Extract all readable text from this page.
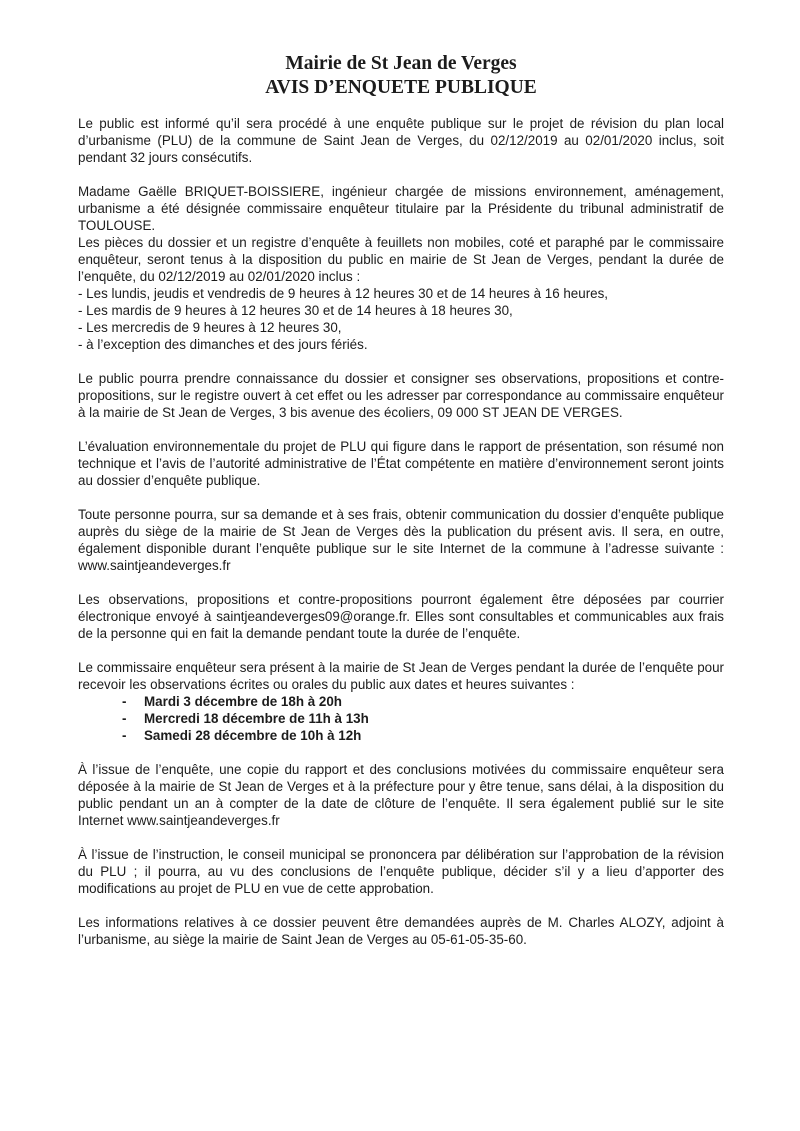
Mairie de St Jean de Verges
AVIS D’ENQUETE PUBLIQUE

Le public est informé qu’il sera procédé à une enquête publique sur le projet de révision du plan local d’urbanisme (PLU) de la commune de Saint Jean de Verges, du 02/12/2019 au 02/01/2020 inclus, soit pendant 32 jours consécutifs.

Madame Gaëlle BRIQUET-BOISSIERE, ingénieur chargée de missions environnement, aménagement, urbanisme a été désignée commissaire enquêteur titulaire par la Présidente du tribunal administratif de TOULOUSE.

Les pièces du dossier et un registre d’enquête à feuillets non mobiles, coté et paraphé par le commissaire enquêteur, seront tenus à la disposition du public en mairie de St Jean de Verges, pendant la durée de l’enquête, du 02/12/2019 au 02/01/2020 inclus :

- Les lundis, jeudis et vendredis de 9 heures à 12 heures 30 et de 14 heures à 16 heures,
- Les mardis de 9 heures à 12 heures 30 et de 14 heures à 18 heures 30,
- Les mercredis de 9 heures à 12 heures 30,
- à l’exception des dimanches et des jours fériés.

Le public pourra prendre connaissance du dossier et consigner ses observations, propositions et contre-propositions, sur le registre ouvert à cet effet ou les adresser par correspondance au commissaire enquêteur à la mairie de St Jean de Verges, 3 bis avenue des écoliers, 09 000 ST JEAN DE VERGES.

L’évaluation environnementale du projet de PLU qui figure dans le rapport de présentation, son résumé non technique et l’avis de l’autorité administrative de l’État compétente en matière d’environnement seront joints au dossier d’enquête publique.

Toute personne pourra, sur sa demande et à ses frais, obtenir communication du dossier d’enquête publique auprès du siège de la mairie de St Jean de Verges dès la publication du présent avis. Il sera, en outre, également disponible durant l’enquête publique sur le site Internet de la commune à l’adresse suivante : www.saintjeandeverges.fr

Les observations, propositions et contre-propositions pourront également être déposées par courrier électronique envoyé à saintjeandeverges09@orange.fr. Elles sont consultables et communicables aux frais de la personne qui en fait la demande pendant toute la durée de l’enquête.

Le commissaire enquêteur sera présent à la mairie de St Jean de Verges pendant la durée de l’enquête pour recevoir les observations écrites ou orales du public aux dates et heures suivantes :

-	Mardi 3 décembre de 18h à 20h
-	Mercredi 18 décembre de 11h à 13h
-	Samedi 28 décembre de 10h à 12h

À l’issue de l’enquête, une copie du rapport et des conclusions motivées du commissaire enquêteur sera déposée à la mairie de St Jean de Verges et à la préfecture pour y être tenue, sans délai, à la disposition du public pendant un an à compter de la date de clôture de l’enquête. Il sera également publié sur le site Internet www.saintjeandeverges.fr

À l’issue de l’instruction, le conseil municipal se prononcera par délibération sur l’approbation de la révision du PLU ; il pourra, au vu des conclusions de l’enquête publique, décider s’il y a lieu d’apporter des modifications au projet de PLU en vue de cette approbation.

Les informations relatives à ce dossier peuvent être demandées auprès de M. Charles ALOZY, adjoint à l’urbanisme, au siège la mairie de Saint Jean de Verges au 05-61-05-35-60.
